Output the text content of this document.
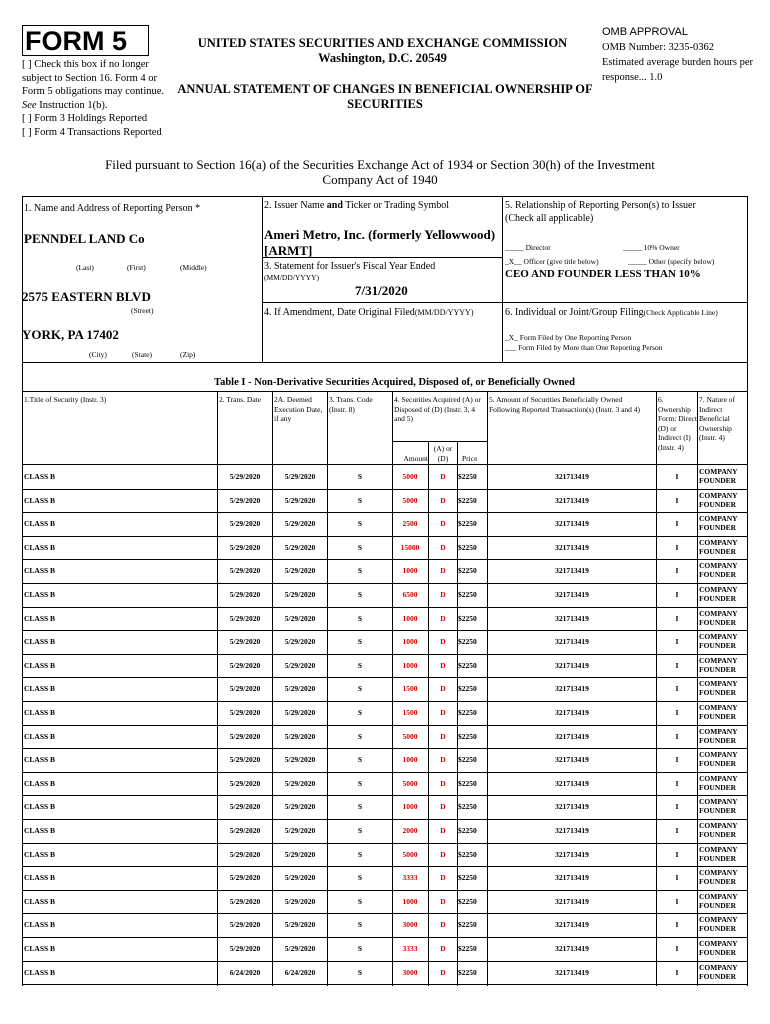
FORM 5
[ ] Check this box if no longer subject to Section 16. Form 4 or Form 5 obligations may continue. See Instruction 1(b).
[ ] Form 3 Holdings Reported
[ ] Form 4 Transactions Reported
UNITED STATES SECURITIES AND EXCHANGE COMMISSION
Washington, D.C. 20549
ANNUAL STATEMENT OF CHANGES IN BENEFICIAL OWNERSHIP OF SECURITIES
OMB APPROVAL
OMB Number: 3235-0362
Estimated average burden hours per response... 1.0
Filed pursuant to Section 16(a) of the Securities Exchange Act of 1934 or Section 30(h) of the Investment Company Act of 1940
1. Name and Address of Reporting Person *
PENNDEL LAND Co
(Last)	(First)	(Middle)
2575 EASTERN BLVD
(Street)
YORK, PA 17402
(City)	(State)	(Zip)
2. Issuer Name and Ticker or Trading Symbol
Ameri Metro, Inc. (formerly Yellowwood) [ARMT]
3. Statement for Issuer's Fiscal Year Ended
(MM/DD/YYYY)
7/31/2020
4. If Amendment, Date Original Filed(MM/DD/YYYY)
5. Relationship of Reporting Person(s) to Issuer
(Check all applicable)
_____ Director	_____ 10% Owner
_X__ Officer (give title below)	_____ Other (specify below)
CEO AND FOUNDER LESS THAN 10%
6. Individual or Joint/Group Filing(Check Applicable Line)
_X_ Form Filed by One Reporting Person
___ Form Filed by More than One Reporting Person
Table I - Non-Derivative Securities Acquired, Disposed of, or Beneficially Owned
1.Title of Security (Instr. 3)	2. Trans. Date	2A. Deemed Execution Date, if any
3. Trans. Code (Instr. 8)
4. Securities Acquired (A) or Disposed of (D) (Instr. 3, 4 and 5)
Amount
(A) or (D)	Price
5. Amount of Securities Beneficially Owned Following Reported Transaction(s) (Instr. 3 and 4)
6. Ownership Form: Direct (D) or Indirect (I) (Instr. 4)
7. Nature of Indirect Beneficial Ownership (Instr. 4)
CLASS B	5/29/2020	5/29/2020	S	5000	D	$2250	321713419	I
COMPANY FOUNDER
CLASS B	5/29/2020	5/29/2020	S	5000	D	$2250	321713419	I
COMPANY FOUNDER
CLASS B	5/29/2020	5/29/2020	S	2500	D	$2250	321713419	I
COMPANY FOUNDER
CLASS B	5/29/2020	5/29/2020	S	15000	D	$2250	321713419	I
COMPANY FOUNDER
CLASS B	5/29/2020	5/29/2020	S	1000	D	$2250	321713419	I
COMPANY FOUNDER
CLASS B	5/29/2020	5/29/2020	S	6500	D	$2250	321713419	I
COMPANY FOUNDER
CLASS B	5/29/2020	5/29/2020	S	1000	D	$2250	321713419	I
COMPANY FOUNDER
CLASS B	5/29/2020	5/29/2020	S	1000	D	$2250	321713419	I
COMPANY FOUNDER
CLASS B	5/29/2020	5/29/2020	S	1000	D	$2250	321713419	I
COMPANY FOUNDER
CLASS B	5/29/2020	5/29/2020	S	1500	D	$2250	321713419	I
COMPANY FOUNDER
CLASS B	5/29/2020	5/29/2020	S	1500	D	$2250	321713419	I
COMPANY FOUNDER
CLASS B	5/29/2020	5/29/2020	S	5000	D	$2250	321713419	I
COMPANY FOUNDER
CLASS B	5/29/2020	5/29/2020	S	1000	D	$2250	321713419	I
COMPANY FOUNDER
CLASS B	5/29/2020	5/29/2020	S	5000	D	$2250	321713419	I
COMPANY FOUNDER
CLASS B	5/29/2020	5/29/2020	S	1000	D	$2250	321713419	I
COMPANY FOUNDER
CLASS B	5/29/2020	5/29/2020	S	2000	D	$2250	321713419	I
COMPANY FOUNDER
CLASS B	5/29/2020	5/29/2020	S	5000	D	$2250	321713419	I
COMPANY FOUNDER
CLASS B	5/29/2020	5/29/2020	S	3333	D	$2250	321713419	I
COMPANY FOUNDER
CLASS B	5/29/2020	5/29/2020	S	1000	D	$2250	321713419	I
COMPANY FOUNDER
CLASS B	5/29/2020	5/29/2020	S	3000	D	$2250	321713419	I
COMPANY FOUNDER
CLASS B	5/29/2020	5/29/2020	S	3333	D	$2250	321713419	I
COMPANY FOUNDER
CLASS B	6/24/2020	6/24/2020	S	3000	D	$2250	321713419	I
COMPANY FOUNDER
